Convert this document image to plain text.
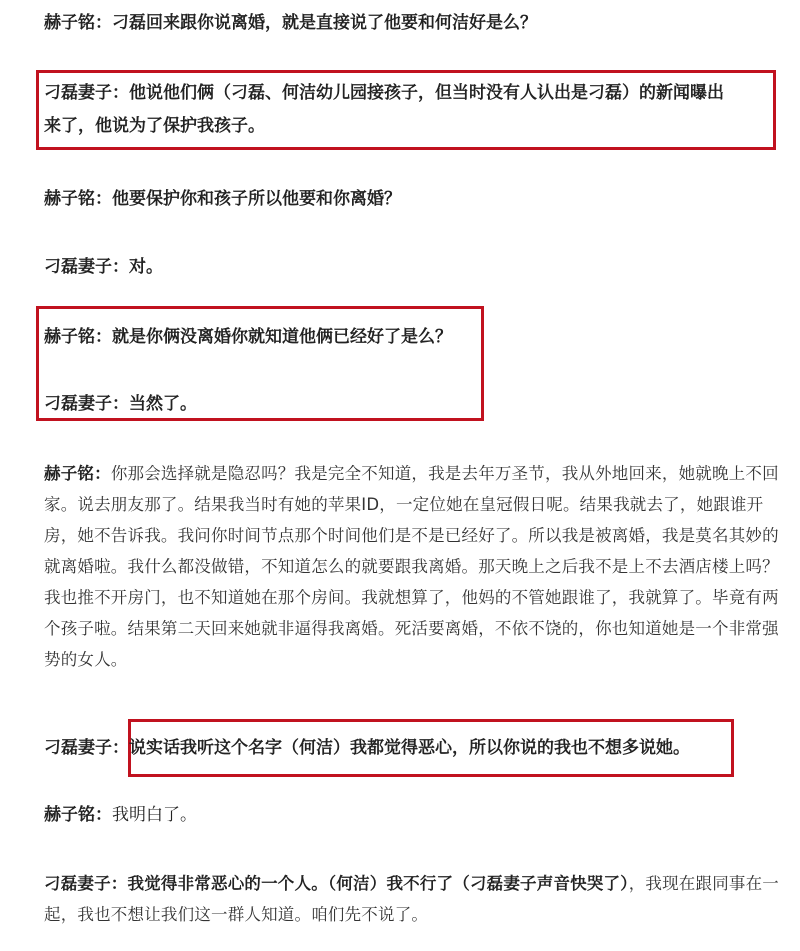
赫子铭：刁磊回来跟你说离婚，就是直接说了他要和何洁好是么？
刁磊妻子：他说他们俩（刁磊、何洁幼儿园接孩子，但当时没有人认出是刁磊）的新闻曝出
来了，他说为了保护我孩子。
赫子铭：他要保护你和孩子所以他要和你离婚？
刁磊妻子：对。
赫子铭：就是你俩没离婚你就知道他俩已经好了是么？
刁磊妻子：当然了。
赫子铭：你那会选择就是隐忍吗？我是完全不知道，我是去年万圣节，我从外地回来，她就晚上不回家。说去朋友那了。结果我当时有她的苹果ID，一定位她在皇冠假日呢。结果我就去了，她跟谁开房，她不告诉我。我问你时间节点那个时间他们是不是已经好了。所以我是被离婚，我是莫名其妙的就离婚啦。我什么都没做错，不知道怎么的就要跟我离婚。那天晚上之后我不是上不去酒店楼上吗？我也推不开房门，也不知道她在那个房间。我就想算了，他妈的不管她跟谁了，我就算了。毕竟有两个孩子啦。结果第二天回来她就非逼得我离婚。死活要离婚，不依不饶的，你也知道她是一个非常强势的女人。
刁磊妻子：说实话我听这个名字（何洁）我都觉得恶心，所以你说的我也不想多说她。
赫子铭：我明白了。
刁磊妻子：我觉得非常恶心的一个人。（何洁）我不行了（刁磊妻子声音快哭了），我现在跟同事在一起，我也不想让我们这一群人知道。咱们先不说了。
